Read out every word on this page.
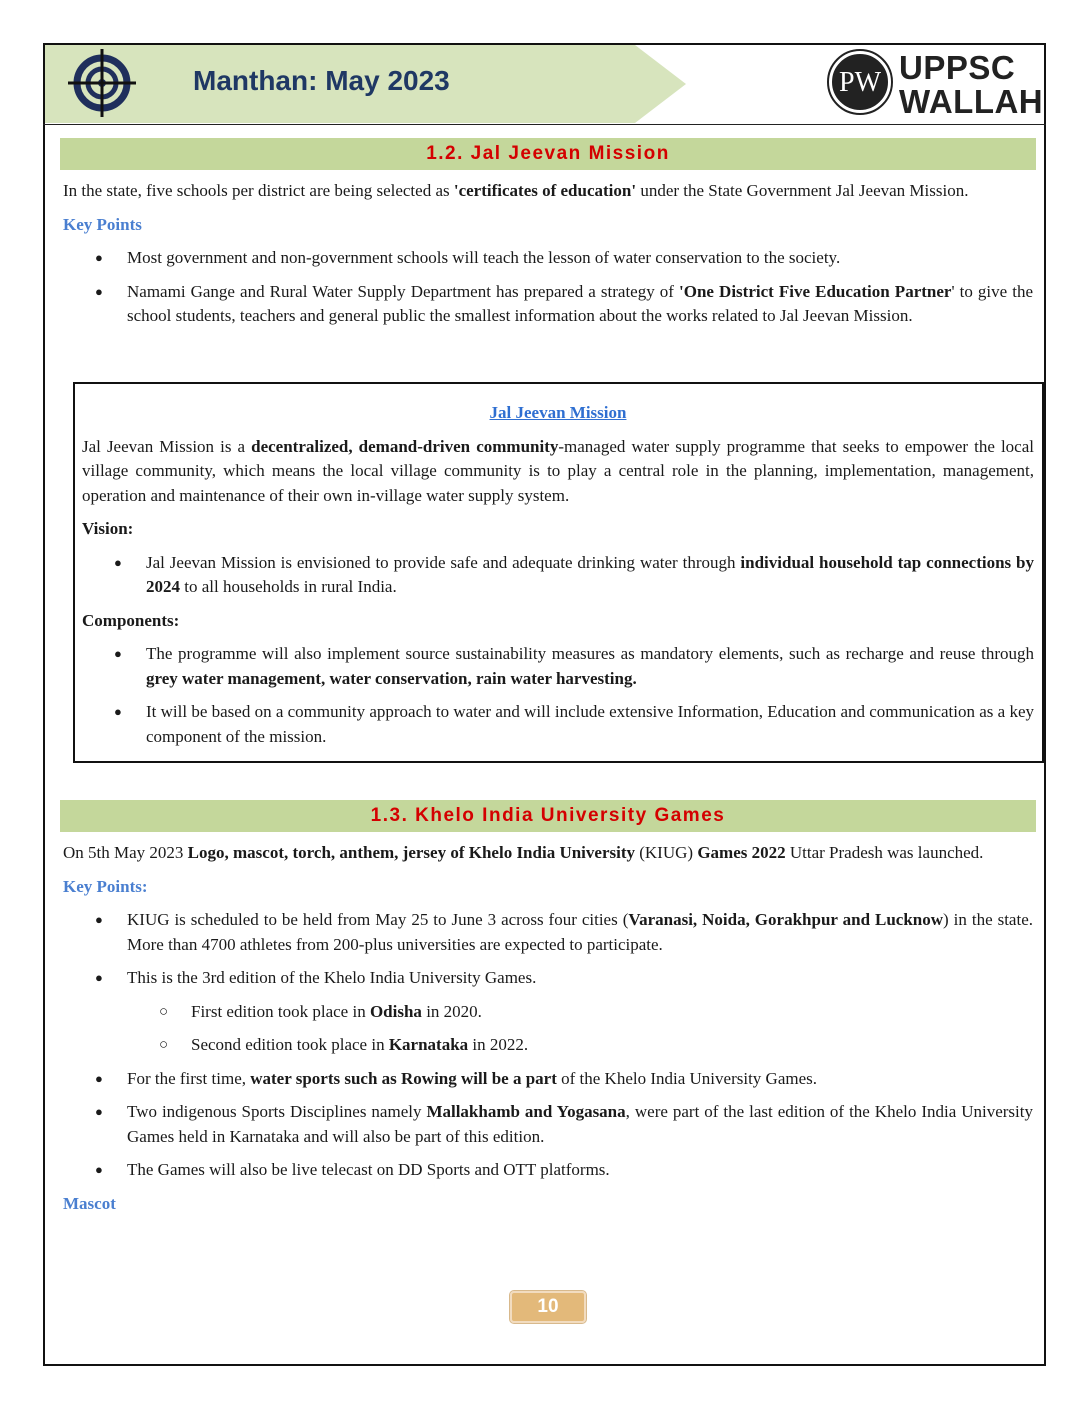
Manthan: May 2023	PW UPPSC
WALLAH
1.2. Jal Jeevan Mission
In the state, five schools per district are being selected as 'certificates of education' under the State Government Jal Jeevan Mission.
Key Points
● Most government and non-government schools will teach the lesson of water conservation to the society.
● Namami Gange and Rural Water Supply Department has prepared a strategy of 'One District Five Education Partner' to give the school students, teachers and general public the smallest information about the works related to Jal Jeevan Mission.
Jal Jeevan Mission
Jal Jeevan Mission is a decentralized, demand-driven community-managed water supply programme that seeks to empower the local village community, which means the local village community is to play a central role in the planning, implementation, management, operation and maintenance of their own in-village water supply system.
Vision:
● Jal Jeevan Mission is envisioned to provide safe and adequate drinking water through individual household tap connections by 2024 to all households in rural India.
Components:
● The programme will also implement source sustainability measures as mandatory elements, such as recharge and reuse through grey water management, water conservation, rain water harvesting.
● It will be based on a community approach to water and will include extensive Information, Education and communication as a key component of the mission.
1.3. Khelo India University Games
On 5th May 2023 Logo, mascot, torch, anthem, jersey of Khelo India University (KIUG) Games 2022 Uttar Pradesh was launched.
Key Points:
● KIUG is scheduled to be held from May 25 to June 3 across four cities (Varanasi, Noida, Gorakhpur and Lucknow) in the state. More than 4700 athletes from 200-plus universities are expected to participate.
● This is the 3rd edition of the Khelo India University Games.
○ First edition took place in Odisha in 2020.
○ Second edition took place in Karnataka in 2022.
● For the first time, water sports such as Rowing will be a part of the Khelo India University Games.
● Two indigenous Sports Disciplines namely Mallakhamb and Yogasana, were part of the last edition of the Khelo India University Games held in Karnataka and will also be part of this edition.
● The Games will also be live telecast on DD Sports and OTT platforms.
Mascot
10
